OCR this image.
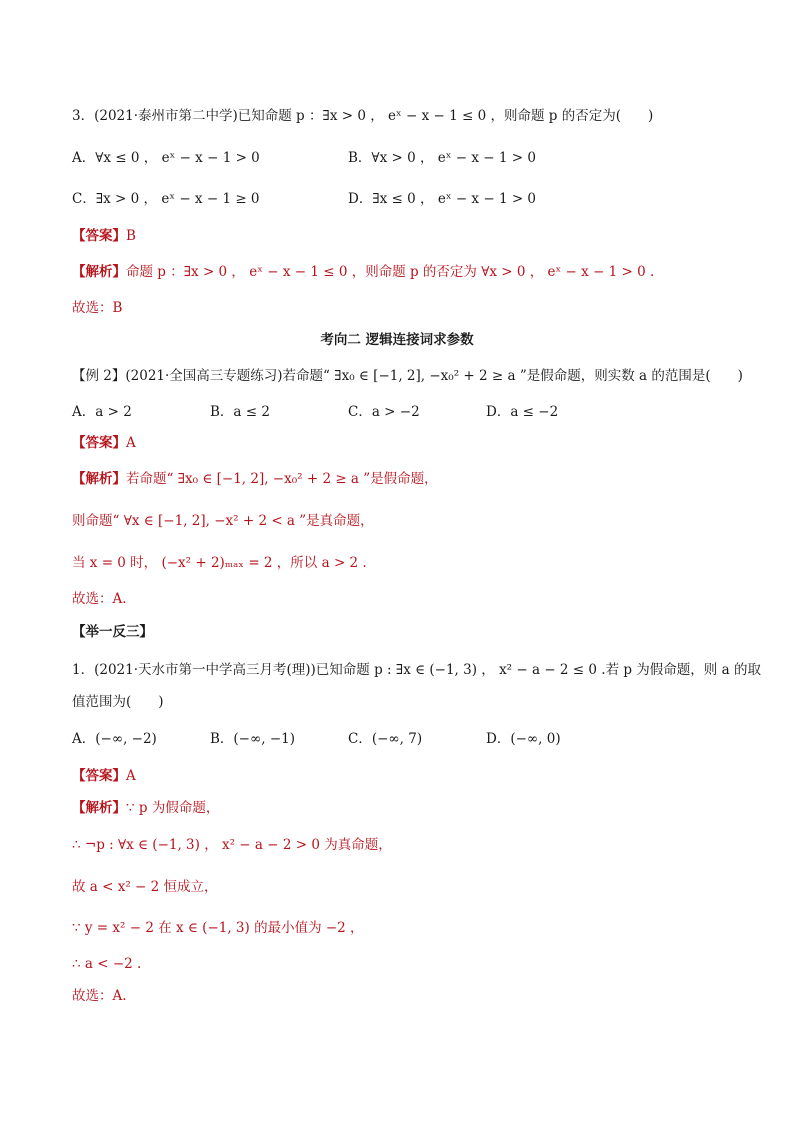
3．(2021·泰州市第二中学)已知命题 p ：∃x > 0 ， eˣ − x − 1 ≤ 0 ，则命题 p 的否定为(　　)
A．∀x ≤ 0 ， eˣ − x − 1 > 0	B．∀x > 0 ， eˣ − x − 1 > 0
C．∃x > 0 ， eˣ − x − 1 ≥ 0	D．∃x ≤ 0 ， eˣ − x − 1 > 0
【答案】B
【解析】命题 p ：∃x > 0 ， eˣ − x − 1 ≤ 0 ，则命题 p 的否定为 ∀x > 0 ， eˣ − x − 1 > 0 .
故选：B
考向二 逻辑连接词求参数
【例 2】(2021·全国高三专题练习)若命题“ ∃x₀ ∈ [−1, 2], −x₀² + 2 ≥ a ”是假命题，则实数 a 的范围是(　　)
A．a > 2	B．a ≤ 2	C．a > −2	D．a ≤ −2
【答案】A
【解析】若命题“ ∃x₀ ∈ [−1, 2], −x₀² + 2 ≥ a ”是假命题，
则命题“ ∀x ∈ [−1, 2], −x² + 2 < a ”是真命题，
当 x = 0 时， (−x² + 2)ₘₐₓ = 2 ，所以 a > 2 .
故选：A.
【举一反三】
1．(2021·天水市第一中学高三月考(理))已知命题 p : ∃x ∈ (−1, 3) ， x² − a − 2 ≤ 0 .若 p 为假命题，则 a 的取
值范围为(　　)
A．(−∞, −2)	B．(−∞, −1)	C．(−∞, 7)	D．(−∞, 0)
【答案】A
【解析】∵ p 为假命题，
∴ ¬p : ∀x ∈ (−1, 3) ， x² − a − 2 > 0 为真命题，
故 a < x² − 2 恒成立，
∵ y = x² − 2 在 x ∈ (−1, 3) 的最小值为 −2 ，
∴ a < −2 .
故选：A.
